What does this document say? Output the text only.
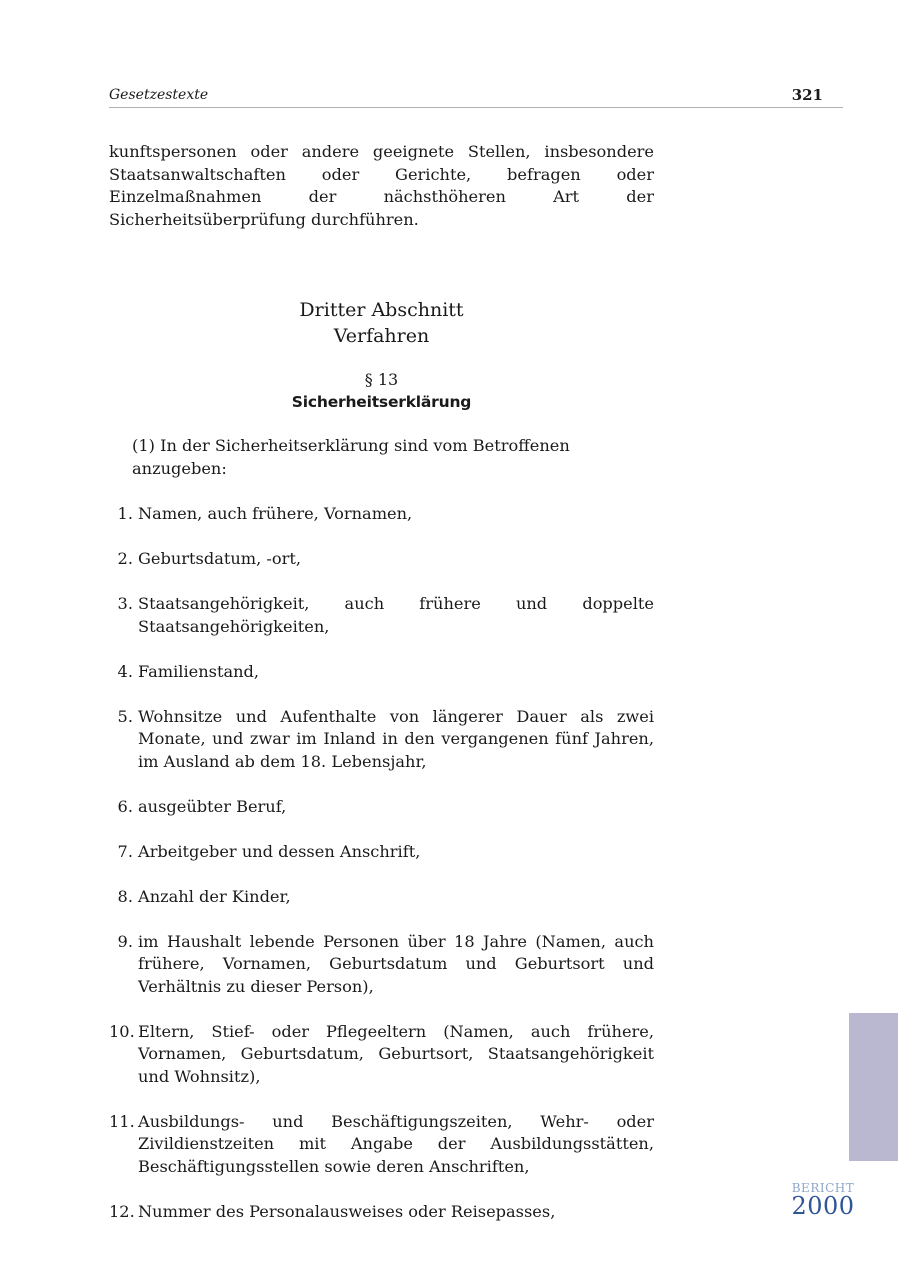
Gesetzestexte	321

kunftspersonen oder andere geeignete Stellen, insbesondere Staatsanwaltschaften oder Gerichte, befragen oder Einzelmaßnahmen der nächsthöheren Art der Sicherheitsüberprüfung durchführen.

Dritter Abschnitt
Verfahren
§ 13
Sicherheitserklärung
(1) In der Sicherheitserklärung sind vom Betroffenen anzugeben:
1. Namen, auch frühere, Vornamen,
2. Geburtsdatum, -ort,
3. Staatsangehörigkeit, auch frühere und doppelte Staatsangehörigkeiten,
4. Familienstand,
5. Wohnsitze und Aufenthalte von längerer Dauer als zwei Monate, und zwar im Inland in den vergangenen fünf Jahren, im Ausland ab dem 18. Lebensjahr,
6. ausgeübter Beruf,
7. Arbeitgeber und dessen Anschrift,
8. Anzahl der Kinder,
9. im Haushalt lebende Personen über 18 Jahre (Namen, auch frühere, Vornamen, Geburtsdatum und Geburtsort und Verhältnis zu dieser Person),
10. Eltern, Stief- oder Pflegeeltern (Namen, auch frühere, Vornamen, Geburtsdatum, Geburtsort, Staatsangehörigkeit und Wohnsitz),
11. Ausbildungs- und Beschäftigungszeiten, Wehr- oder Zivildienstzeiten mit Angabe der Ausbildungsstätten, Beschäftigungsstellen sowie deren Anschriften,
12. Nummer des Personalausweises oder Reisepasses,
BERICHT
2000
